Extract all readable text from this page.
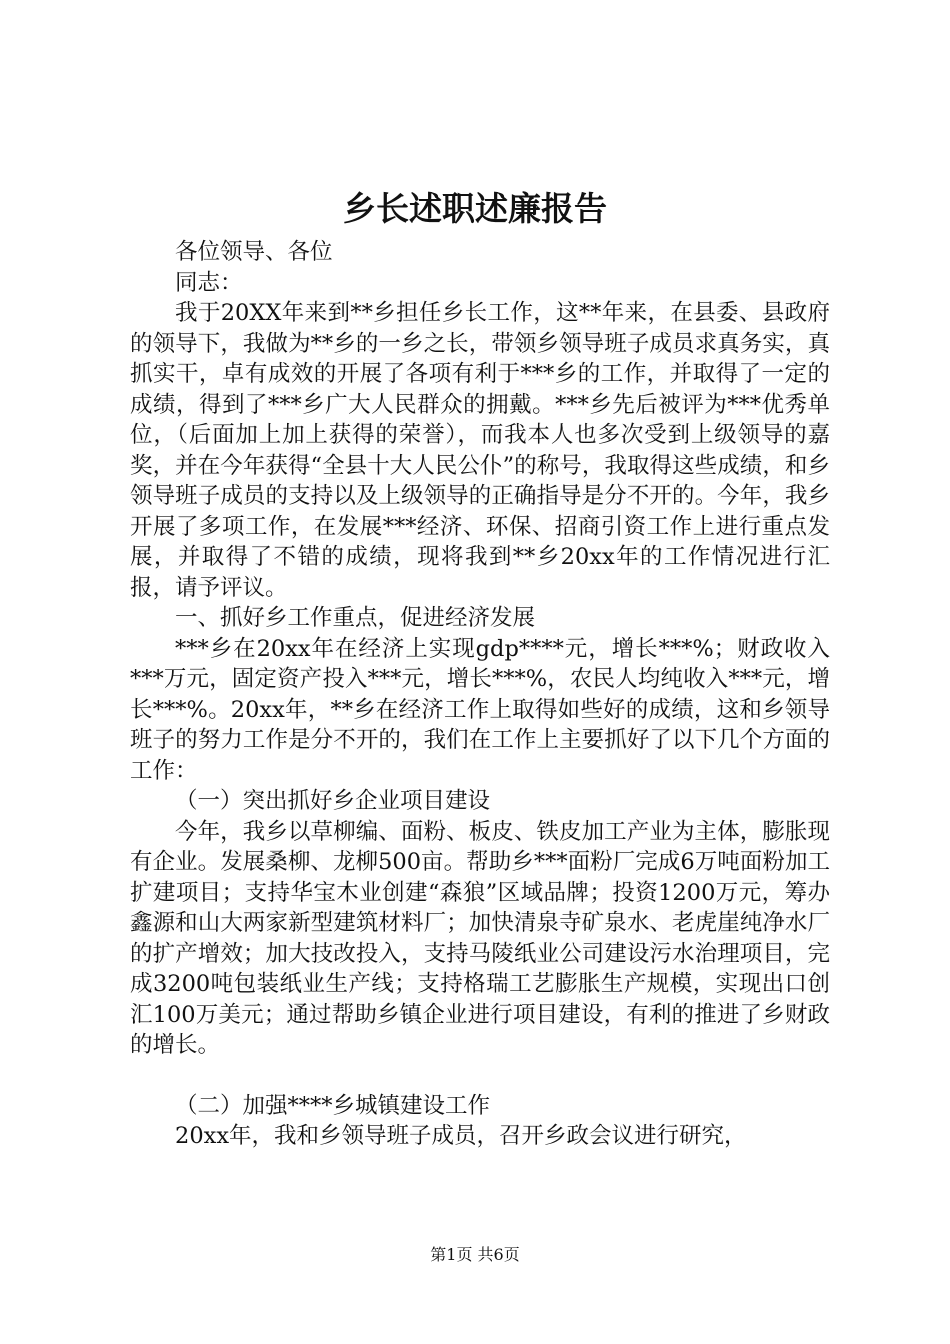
乡长述职述廉报告

各位领导、各位

同志：

我于20XX年来到**乡担任乡长工作，这**年来，在县委、县政府的领导下，我做为**乡的一乡之长，带领乡领导班子成员求真务实，真抓实干，卓有成效的开展了各项有利于***乡的工作，并取得了一定的成绩，得到了***乡广大人民群众的拥戴。***乡先后被评为***优秀单位，（后面加上加上获得的荣誉），而我本人也多次受到上级领导的嘉奖，并在今年获得“全县十大人民公仆”的称号，我取得这些成绩，和乡领导班子成员的支持以及上级领导的正确指导是分不开的。今年，我乡开展了多项工作，在发展***经济、环保、招商引资工作上进行重点发展，并取得了不错的成绩，现将我到**乡20xx年的工作情况进行汇报，请予评议。

一、抓好乡工作重点，促进经济发展

***乡在20xx年在经济上实现gdp****元，增长***%；财政收入***万元，固定资产投入***元，增长***%，农民人均纯收入***元，增长***%。20xx年，**乡在经济工作上取得如些好的成绩，这和乡领导班子的努力工作是分不开的，我们在工作上主要抓好了以下几个方面的工作：

（一）突出抓好乡企业项目建设

今年，我乡以草柳编、面粉、板皮、铁皮加工产业为主体，膨胀现有企业。发展桑柳、龙柳500亩。帮助乡***面粉厂完成6万吨面粉加工扩建项目；支持华宝木业创建“森狼”区域品牌；投资1200万元，筹办鑫源和山大两家新型建筑材料厂；加快清泉寺矿泉水、老虎崖纯净水厂的扩产增效；加大技改投入，支持马陵纸业公司建设污水治理项目，完成3200吨包装纸业生产线；支持格瑞工艺膨胀生产规模，实现出口创汇100万美元；通过帮助乡镇企业进行项目建设，有利的推进了乡财政的增长。

（二）加强****乡城镇建设工作

20xx年，我和乡领导班子成员，召开乡政会议进行研究，

第1页 共6页
